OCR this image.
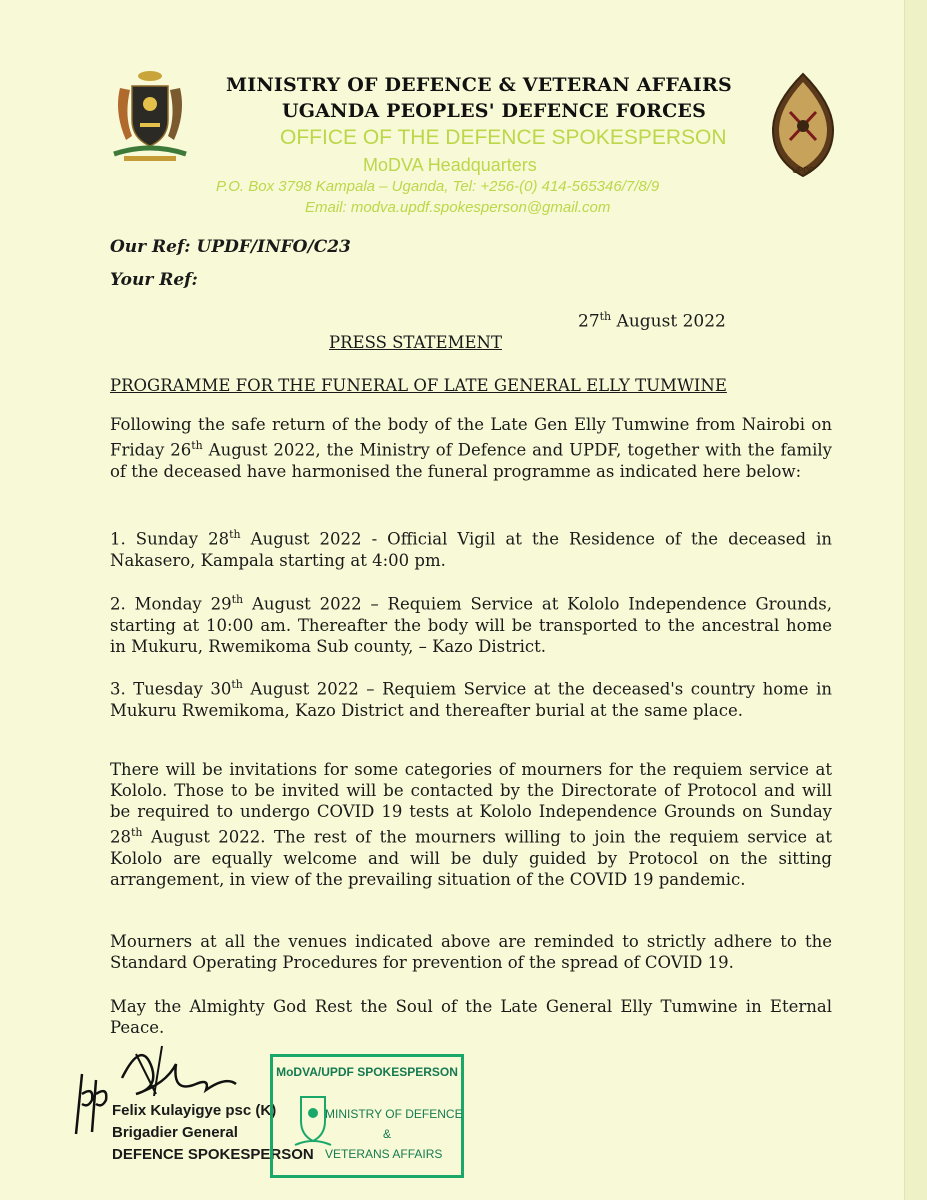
MINISTRY OF DEFENCE & VETERAN AFFAIRS
UGANDA PEOPLES' DEFENCE FORCES
OFFICE OF THE DEFENCE SPOKESPERSON
MoDVA Headquarters
P.O. Box 3798 Kampala – Uganda, Tel: +256-(0) 414-565346/7/8/9
Email: modva.updf.spokesperson@gmail.com
UPDF
Our Ref: UPDF/INFO/C23
Your Ref:
27th August 2022
PRESS STATEMENT
PROGRAMME FOR THE FUNERAL OF LATE GENERAL ELLY TUMWINE
Following the safe return of the body of the Late Gen Elly Tumwine from Nairobi on Friday 26th August 2022, the Ministry of Defence and UPDF, together with the family of the deceased have harmonised the funeral programme as indicated here below:
1. Sunday 28th August 2022 - Official Vigil at the Residence of the deceased in Nakasero, Kampala starting at 4:00 pm.
2. Monday 29th August 2022 – Requiem Service at Kololo Independence Grounds, starting at 10:00 am. Thereafter the body will be transported to the ancestral home in Mukuru, Rwemikoma Sub county, – Kazo District.
3. Tuesday 30th August 2022 – Requiem Service at the deceased's country home in Mukuru Rwemikoma, Kazo District and thereafter burial at the same place.
There will be invitations for some categories of mourners for the requiem service at Kololo. Those to be invited will be contacted by the Directorate of Protocol and will be required to undergo COVID 19 tests at Kololo Independence Grounds on Sunday 28th August 2022. The rest of the mourners willing to join the requiem service at Kololo are equally welcome and will be duly guided by Protocol on the sitting arrangement, in view of the prevailing situation of the COVID 19 pandemic.
Mourners at all the venues indicated above are reminded to strictly adhere to the Standard Operating Procedures for prevention of the spread of COVID 19.
May the Almighty God Rest the Soul of the Late General Elly Tumwine in Eternal Peace.
Felix Kulayigye psc (K)
Brigadier General
DEFENCE SPOKESPERSON
MoDVA/UPDF SPOKESPERSON
MINISTRY OF DEFENCE
&
VETERANS AFFAIRS
